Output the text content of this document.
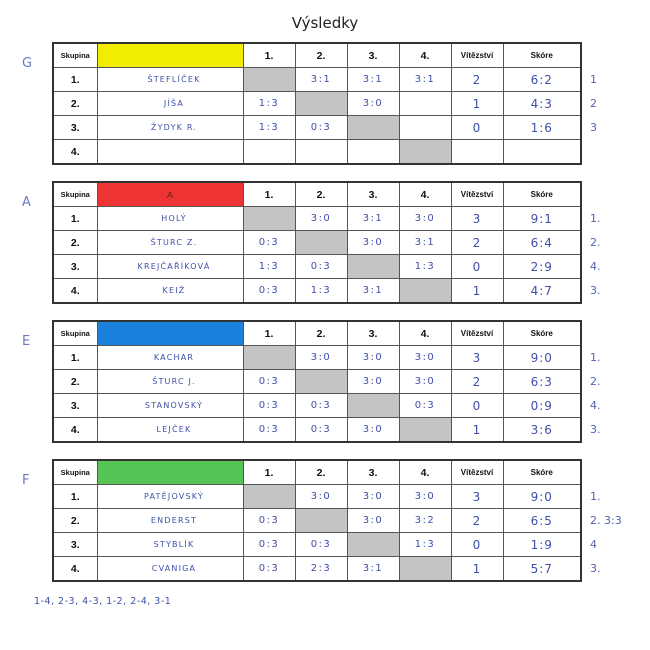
Výsledky
G
1
2
3
Skupina		1.	2.	3.	4.	Vítězství	Skóre
1.	ŠTEFLÍČEK		3:1	3:1	3:1	2	6:2
2.	JÍŠA	1:3		3:0		1	4:3
3.	ŽYDYK R.	1:3	0:3			0	1:6
4.							
A
1.
2.
4.
3.
Skupina	A	1.	2.	3.	4.	Vítězství	Skóre
1.	HOLÝ		3:0	3:1	3:0	3	9:1
2.	ŠTURC Z.	0:3		3:0	3:1	2	6:4
3.	KREJČAŘÍKOVÁ	1:3	0:3		1:3	0	2:9
4.	KEIŽ	0:3	1:3	3:1		1	4:7
E
1.
2.
4.
3.
Skupina		1.	2.	3.	4.	Vítězství	Skóre
1.	KACHAR		3:0	3:0	3:0	3	9:0
2.	ŠTURC J.	0:3		3:0	3:0	2	6:3
3.	STANOVSKÝ	0:3	0:3		0:3	0	0:9
4.	LEJČEK	0:3	0:3	3:0		1	3:6
F
1.
2. 3:3
4
3.
Skupina		1.	2.	3.	4.	Vítězství	Skóre
1.	PATĚJOVSKÝ		3:0	3:0	3:0	3	9:0
2.	ENDERST	0:3		3:0	3:2	2	6:5
3.	STYBLÍK	0:3	0:3		1:3	0	1:9
4.	CVANIGA	0:3	2:3	3:1		1	5:7
1-4, 2-3, 4-3, 1-2, 2-4, 3-1
